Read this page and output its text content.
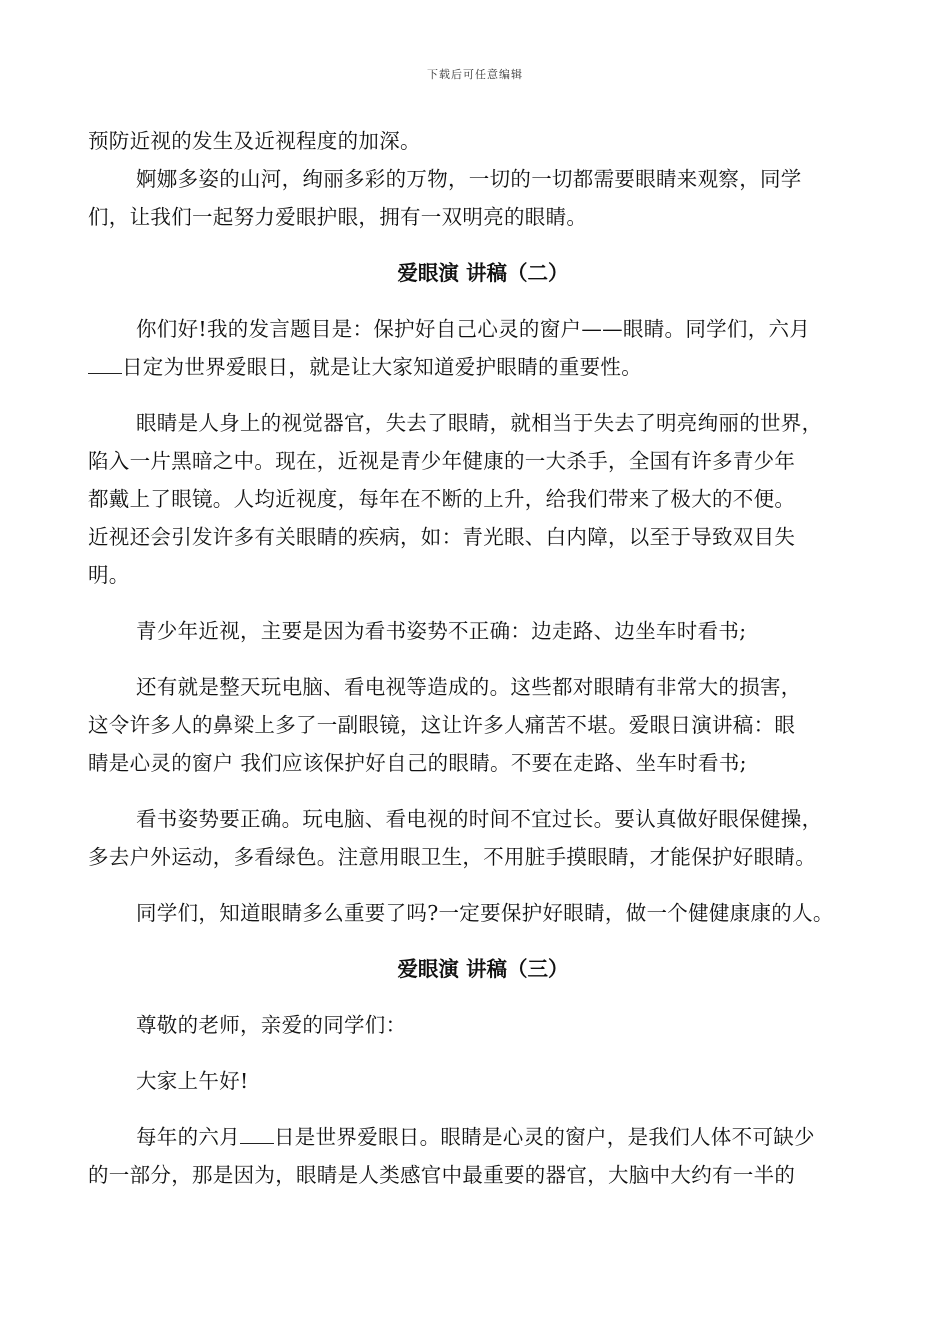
下载后可任意编辑
预防近视的发生及近视程度的加深。
婀娜多姿的山河，绚丽多彩的万物，一切的一切都需要眼睛来观察，同学
们，让我们一起努力爱眼护眼，拥有一双明亮的眼睛。
爱眼演 讲稿（二）
你们好!我的发言题目是：保护好自己心灵的窗户——眼睛。同学们，六月
日定为世界爱眼日，就是让大家知道爱护眼睛的重要性。
眼睛是人身上的视觉器官，失去了眼睛，就相当于失去了明亮绚丽的世界，
陷入一片黑暗之中。现在，近视是青少年健康的一大杀手，全国有许多青少年
都戴上了眼镜。人均近视度，每年在不断的上升，给我们带来了极大的不便。
近视还会引发许多有关眼睛的疾病，如：青光眼、白内障，以至于导致双目失
明。
青少年近视，主要是因为看书姿势不正确：边走路、边坐车时看书;
还有就是整天玩电脑、看电视等造成的。这些都对眼睛有非常大的损害，
这令许多人的鼻梁上多了一副眼镜，这让许多人痛苦不堪。爱眼日演讲稿：眼
睛是心灵的窗户 我们应该保护好自己的眼睛。不要在走路、坐车时看书;
看书姿势要正确。玩电脑、看电视的时间不宜过长。要认真做好眼保健操，
多去户外运动，多看绿色。注意用眼卫生，不用脏手摸眼睛，才能保护好眼睛。
同学们，知道眼睛多么重要了吗?一定要保护好眼睛，做一个健健康康的人。
爱眼演 讲稿（三）
尊敬的老师，亲爱的同学们：
大家上午好!
每年的六月 日是世界爱眼日。眼睛是心灵的窗户，是我们人体不可缺少
的一部分，那是因为，眼睛是人类感官中最重要的器官，大脑中大约有一半的
